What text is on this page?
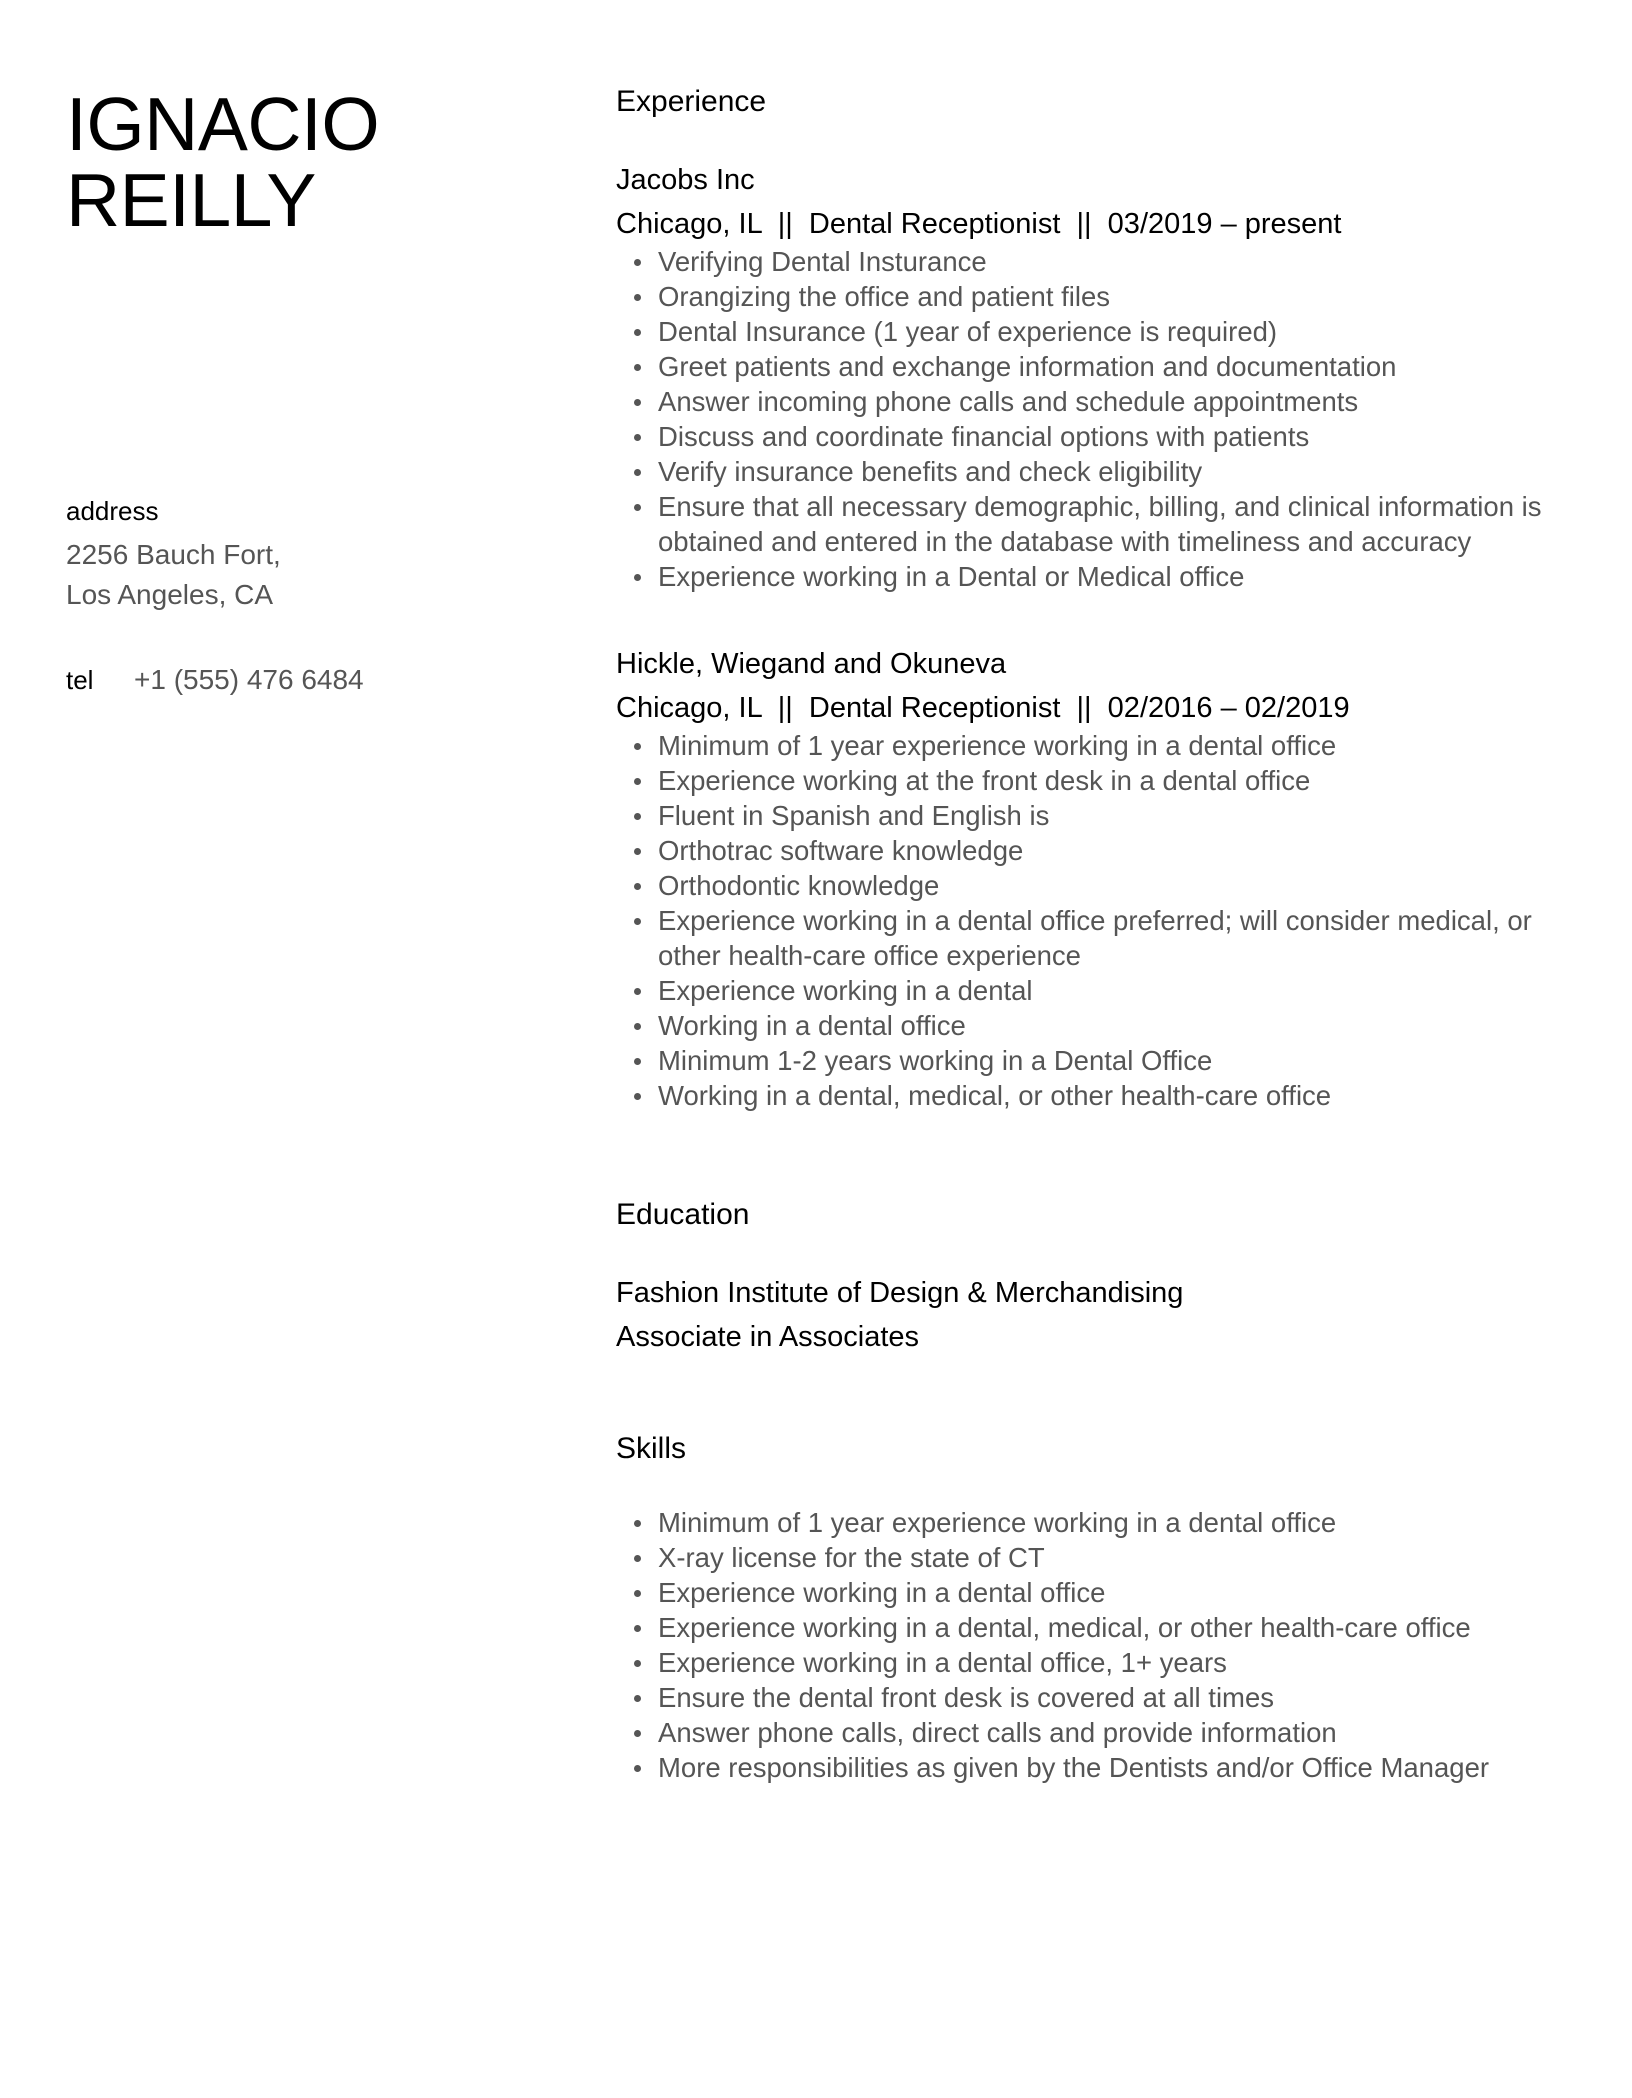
IGNACIO
REILLY
address
2256 Bauch Fort,
Los Angeles, CA
tel	+1 (555) 476 6484
Experience
Jacobs Inc
Chicago, IL  ||  Dental Receptionist  ||  03/2019 – present
Verifying Dental Insturance
Orangizing the office and patient files
Dental Insurance (1 year of experience is required)
Greet patients and exchange information and documentation
Answer incoming phone calls and schedule appointments
Discuss and coordinate financial options with patients
Verify insurance benefits and check eligibility
Ensure that all necessary demographic, billing, and clinical information is obtained and entered in the database with timeliness and accuracy
Experience working in a Dental or Medical office
Hickle, Wiegand and Okuneva
Chicago, IL  ||  Dental Receptionist  ||  02/2016 – 02/2019
Minimum of 1 year experience working in a dental office
Experience working at the front desk in a dental office
Fluent in Spanish and English is
Orthotrac software knowledge
Orthodontic knowledge
Experience working in a dental office preferred; will consider medical, or other health-care office experience
Experience working in a dental
Working in a dental office
Minimum 1-2 years working in a Dental Office
Working in a dental, medical, or other health-care office
Education
Fashion Institute of Design & Merchandising
Associate in Associates
Skills
Minimum of 1 year experience working in a dental office
X-ray license for the state of CT
Experience working in a dental office
Experience working in a dental, medical, or other health-care office
Experience working in a dental office, 1+ years
Ensure the dental front desk is covered at all times
Answer phone calls, direct calls and provide information
More responsibilities as given by the Dentists and/or Office Manager
